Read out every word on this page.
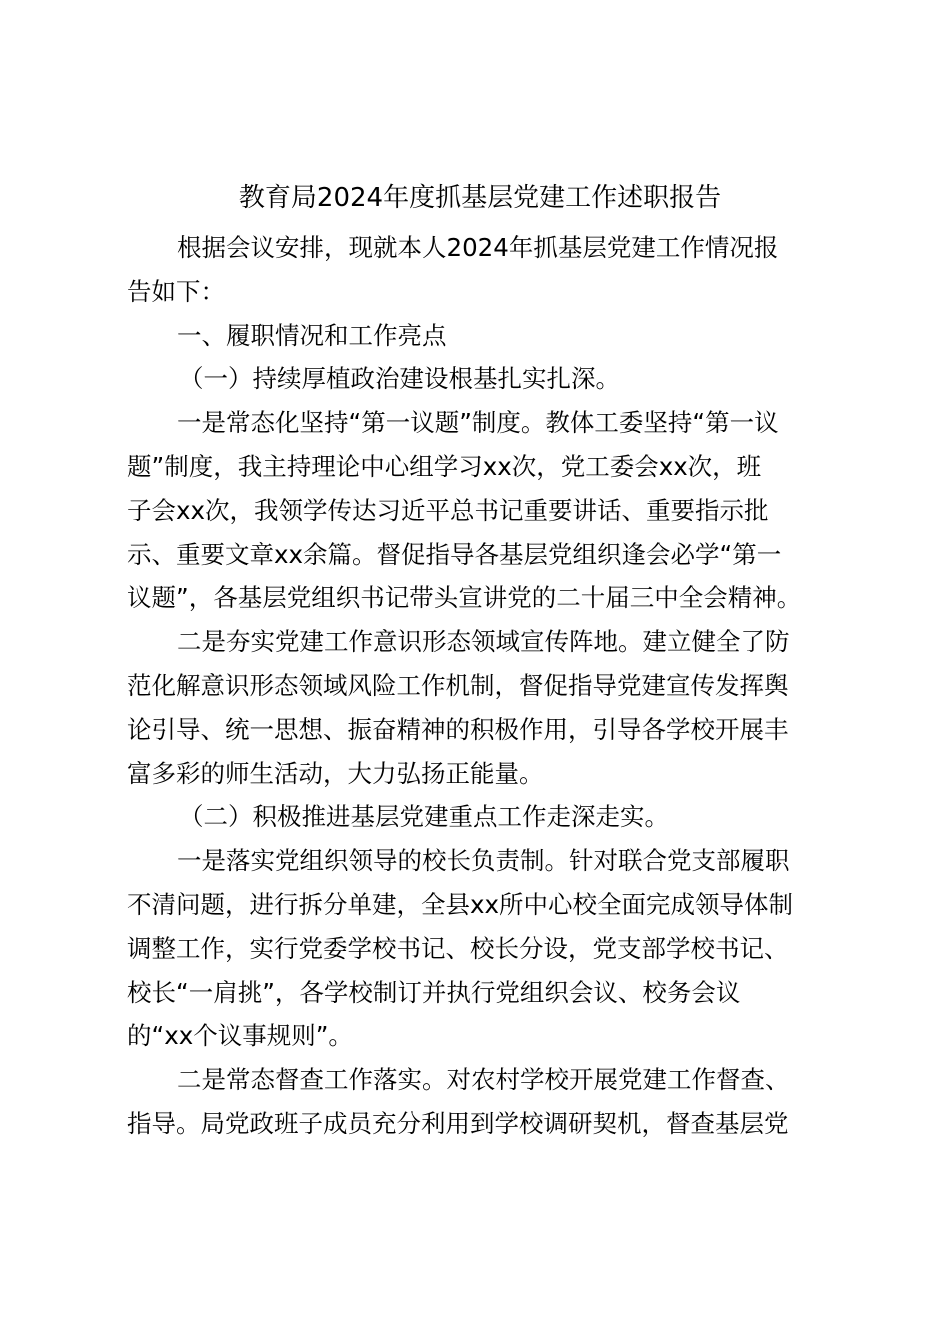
教育局2024年度抓基层党建工作述职报告
根据会议安排，现就本人2024年抓基层党建工作情况报
告如下：
一、履职情况和工作亮点
（一）持续厚植政治建设根基扎实扎深。
一是常态化坚持“第一议题”制度。教体工委坚持“第一议
题”制度，我主持理论中心组学习xx次，党工委会xx次，班
子会xx次，我领学传达习近平总书记重要讲话、重要指示批
示、重要文章xx余篇。督促指导各基层党组织逢会必学“第一
议题”，各基层党组织书记带头宣讲党的二十届三中全会精神。
二是夯实党建工作意识形态领域宣传阵地。建立健全了防
范化解意识形态领域风险工作机制，督促指导党建宣传发挥舆
论引导、统一思想、振奋精神的积极作用，引导各学校开展丰
富多彩的师生活动，大力弘扬正能量。
（二）积极推进基层党建重点工作走深走实。
一是落实党组织领导的校长负责制。针对联合党支部履职
不清问题，进行拆分单建，全县xx所中心校全面完成领导体制
调整工作，实行党委学校书记、校长分设，党支部学校书记、
校长“一肩挑”，各学校制订并执行党组织会议、校务会议
的“xx个议事规则”。
二是常态督查工作落实。对农村学校开展党建工作督查、
指导。局党政班子成员充分利用到学校调研契机，督查基层党
